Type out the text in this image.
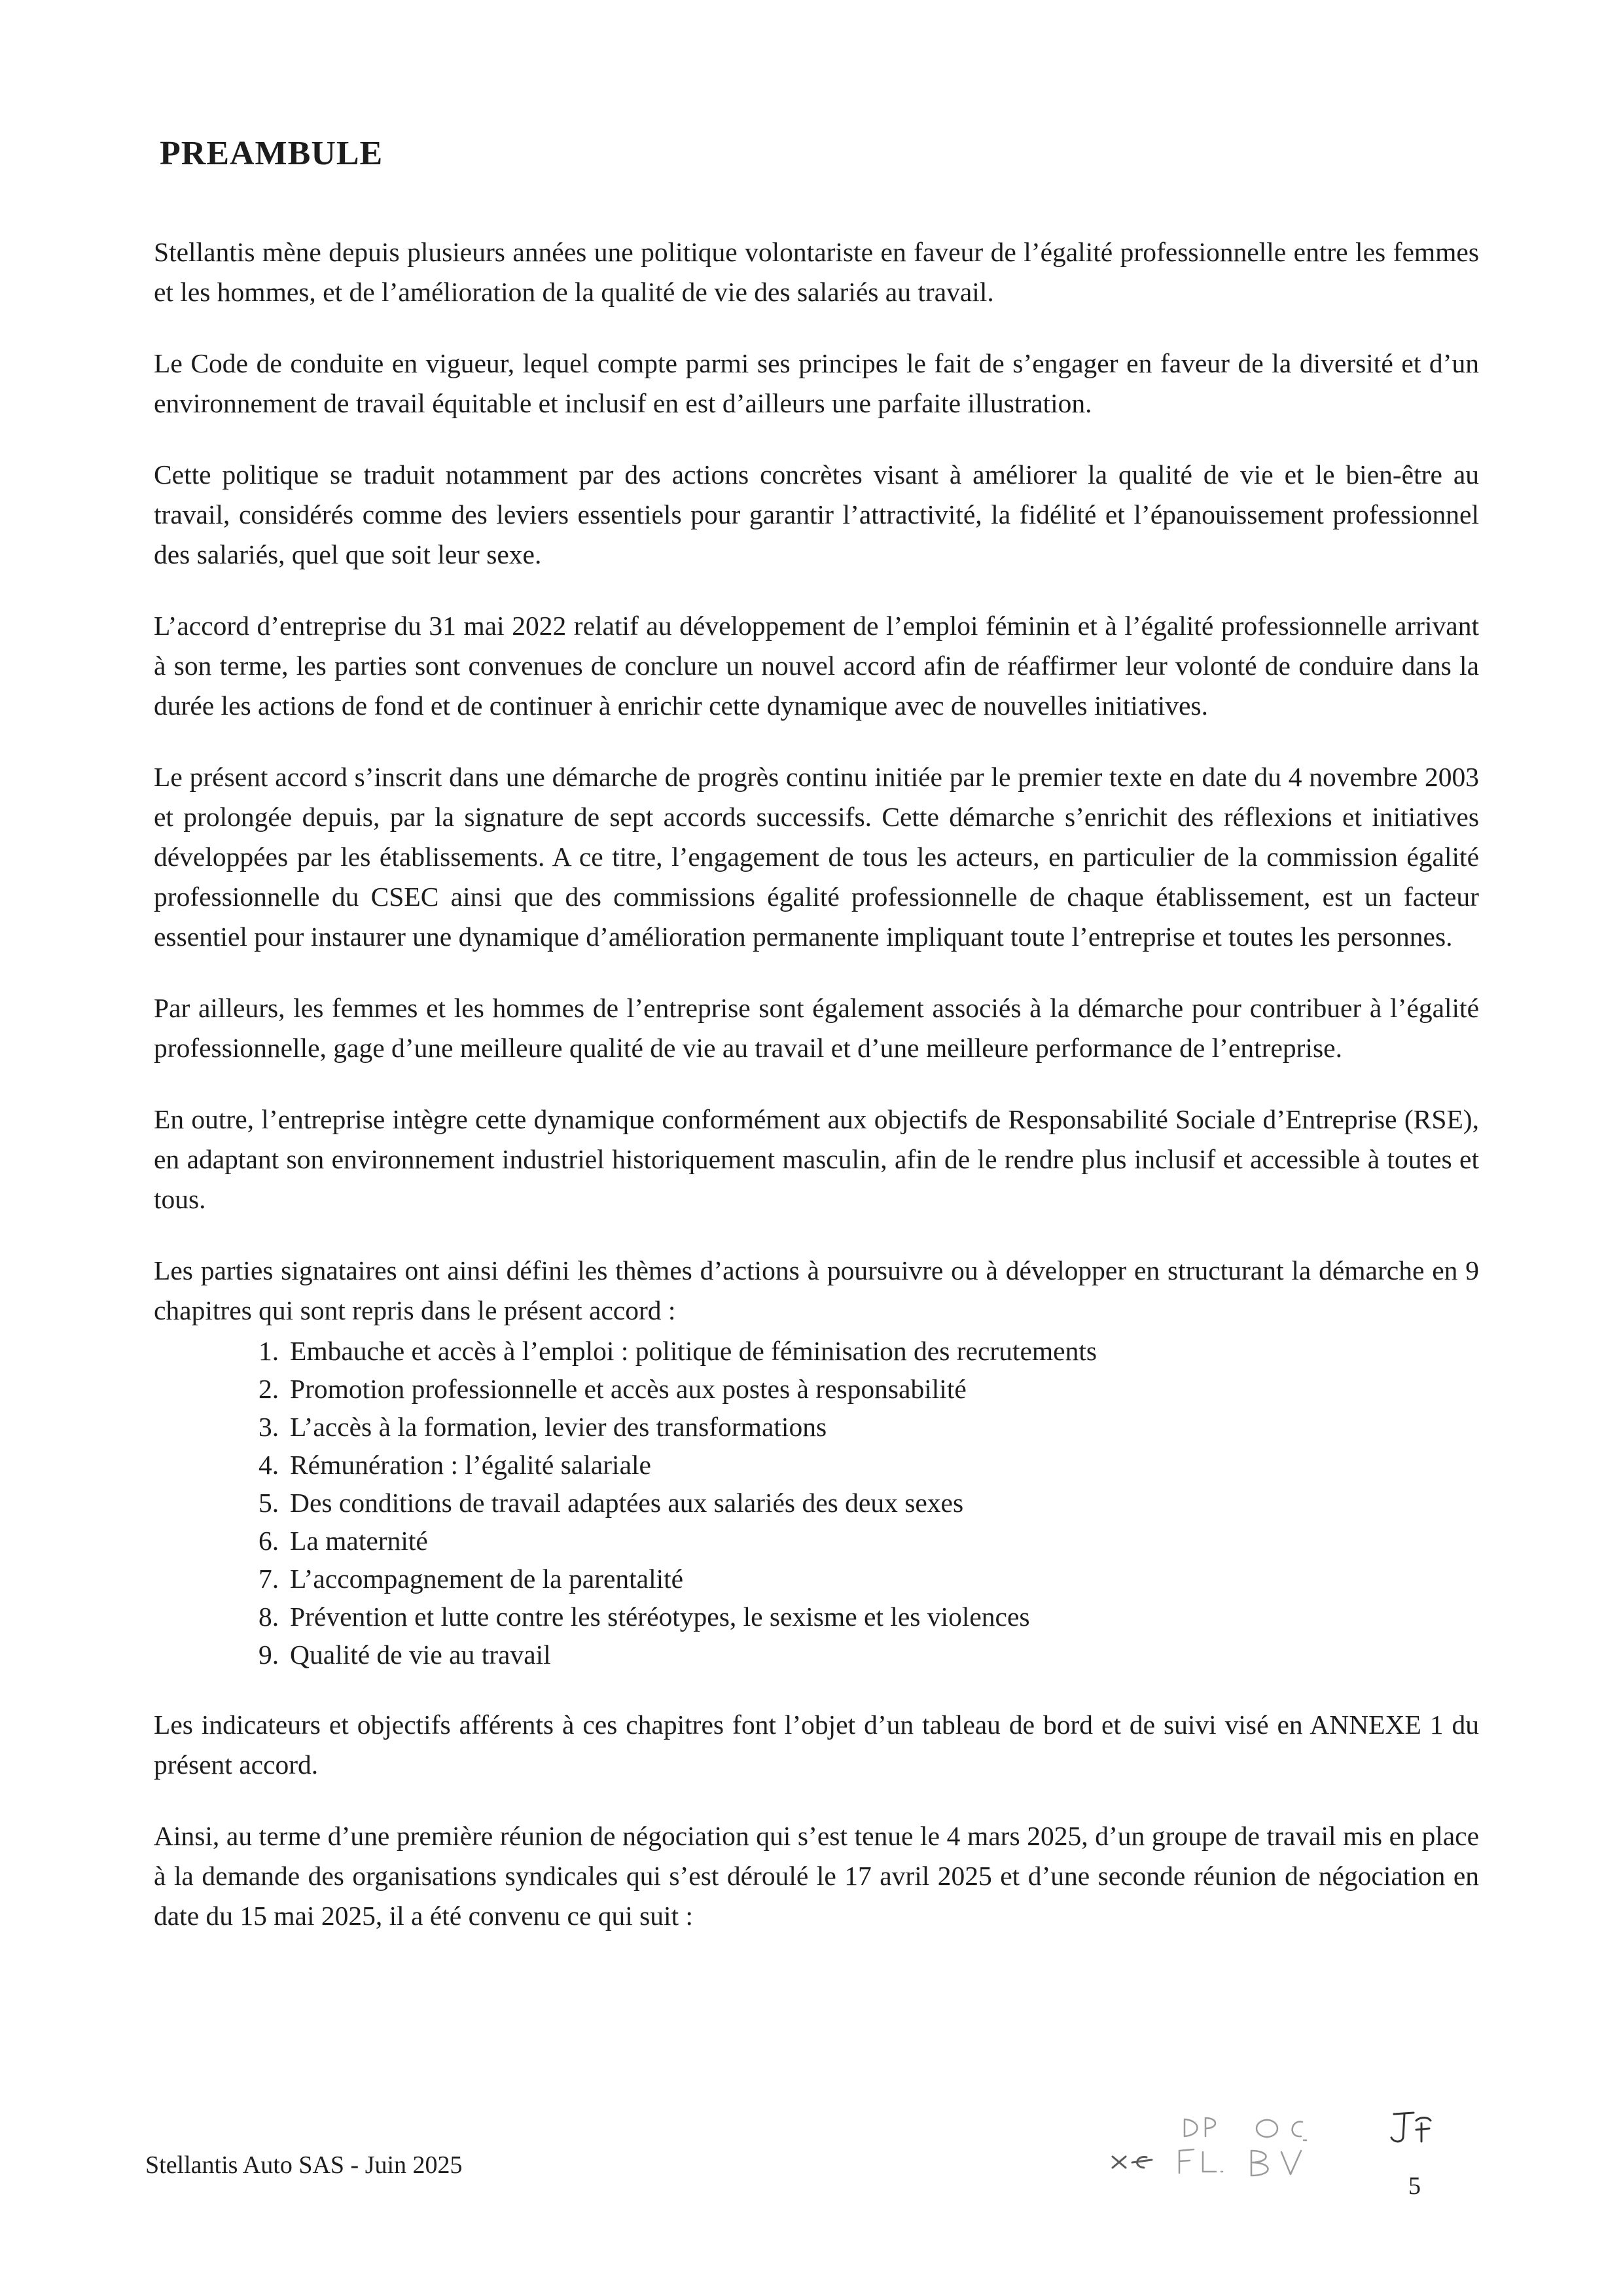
PREAMBULE

Stellantis mène depuis plusieurs années une politique volontariste en faveur de l’égalité professionnelle entre les femmes et les hommes, et de l’amélioration de la qualité de vie des salariés au travail.

Le Code de conduite en vigueur, lequel compte parmi ses principes le fait de s’engager en faveur de la diversité et d’un environnement de travail équitable et inclusif en est d’ailleurs une parfaite illustration.

Cette politique se traduit notamment par des actions concrètes visant à améliorer la qualité de vie et le bien-être au travail, considérés comme des leviers essentiels pour garantir l’attractivité, la fidélité et l’épanouissement professionnel des salariés, quel que soit leur sexe.

L’accord d’entreprise du 31 mai 2022 relatif au développement de l’emploi féminin et à l’égalité professionnelle arrivant à son terme, les parties sont convenues de conclure un nouvel accord afin de réaffirmer leur volonté de conduire dans la durée les actions de fond et de continuer à enrichir cette dynamique avec de nouvelles initiatives.

Le présent accord s’inscrit dans une démarche de progrès continu initiée par le premier texte en date du 4 novembre 2003 et prolongée depuis, par la signature de sept accords successifs. Cette démarche s’enrichit des réflexions et initiatives développées par les établissements. A ce titre, l’engagement de tous les acteurs, en particulier de la commission égalité professionnelle du CSEC ainsi que des commissions égalité professionnelle de chaque établissement, est un facteur essentiel pour instaurer une dynamique d’amélioration permanente impliquant toute l’entreprise et toutes les personnes.

Par ailleurs, les femmes et les hommes de l’entreprise sont également associés à la démarche pour contribuer à l’égalité professionnelle, gage d’une meilleure qualité de vie au travail et d’une meilleure performance de l’entreprise.

En outre, l’entreprise intègre cette dynamique conformément aux objectifs de Responsabilité Sociale d’Entreprise (RSE), en adaptant son environnement industriel historiquement masculin, afin de le rendre plus inclusif et accessible à toutes et tous.

Les parties signataires ont ainsi défini les thèmes d’actions à poursuivre ou à développer en structurant la démarche en 9 chapitres qui sont repris dans le présent accord :

1. Embauche et accès à l’emploi : politique de féminisation des recrutements
2. Promotion professionnelle et accès aux postes à responsabilité
3. L’accès à la formation, levier des transformations
4. Rémunération : l’égalité salariale
5. Des conditions de travail adaptées aux salariés des deux sexes
6. La maternité
7. L’accompagnement de la parentalité
8. Prévention et lutte contre les stéréotypes, le sexisme et les violences
9. Qualité de vie au travail

Les indicateurs et objectifs afférents à ces chapitres font l’objet d’un tableau de bord et de suivi visé en ANNEXE 1 du présent accord.

Ainsi, au terme d’une première réunion de négociation qui s’est tenue le 4 mars 2025, d’un groupe de travail mis en place à la demande des organisations syndicales qui s’est déroulé le 17 avril 2025 et d’une seconde réunion de négociation en date du 15 mai 2025, il a été convenu ce qui suit :

Stellantis Auto SAS - Juin 2025
5
